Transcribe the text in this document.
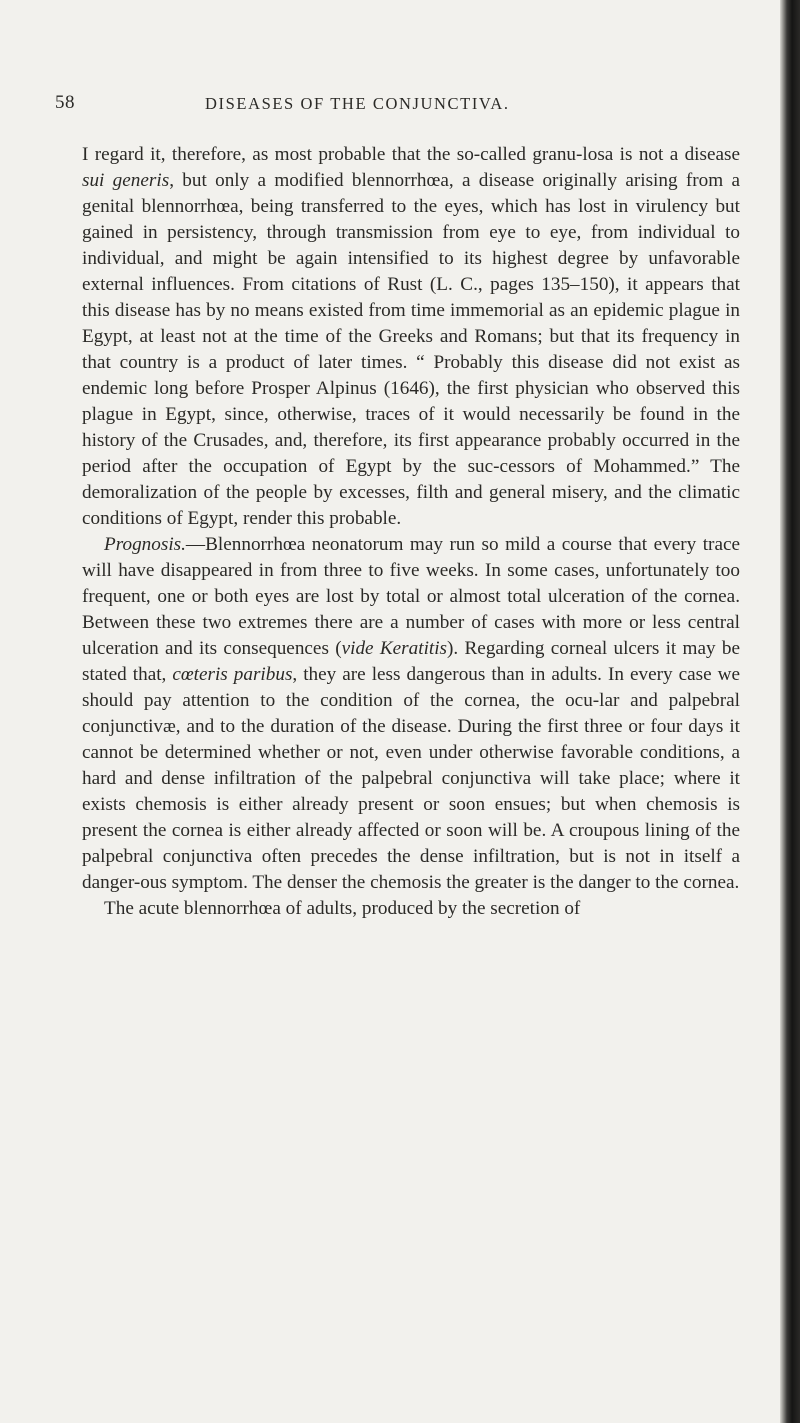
58	DISEASES OF THE CONJUNCTIVA.

I regard it, therefore, as most probable that the so-called granu-losa is not a disease sui generis, but only a modified blennorrhœa, a disease originally arising from a genital blennorrhœa, being transferred to the eyes, which has lost in virulency but gained in persistency, through transmission from eye to eye, from individual to individual, and might be again intensified to its highest degree by unfavorable external influences. From citations of Rust (L. C., pages 135–150), it appears that this disease has by no means existed from time immemorial as an epidemic plague in Egypt, at least not at the time of the Greeks and Romans; but that its frequency in that country is a product of later times. “ Probably this disease did not exist as endemic long before Prosper Alpinus (1646), the first physician who observed this plague in Egypt, since, otherwise, traces of it would necessarily be found in the history of the Crusades, and, therefore, its first appearance probably occurred in the period after the occupation of Egypt by the suc-cessors of Mohammed.” The demoralization of the people by excesses, filth and general misery, and the climatic conditions of Egypt, render this probable.

Prognosis.—Blennorrhœa neonatorum may run so mild a course that every trace will have disappeared in from three to five weeks. In some cases, unfortunately too frequent, one or both eyes are lost by total or almost total ulceration of the cornea. Between these two extremes there are a number of cases with more or less central ulceration and its consequences (vide Keratitis). Regarding corneal ulcers it may be stated that, cœteris paribus, they are less dangerous than in adults. In every case we should pay attention to the condition of the cornea, the ocu-lar and palpebral conjunctivæ, and to the duration of the disease. During the first three or four days it cannot be determined whether or not, even under otherwise favorable conditions, a hard and dense infiltration of the palpebral conjunctiva will take place; where it exists chemosis is either already present or soon ensues; but when chemosis is present the cornea is either already affected or soon will be. A croupous lining of the palpebral conjunctiva often precedes the dense infiltration, but is not in itself a danger-ous symptom. The denser the chemosis the greater is the danger to the cornea.

The acute blennorrhœa of adults, produced by the secretion of
